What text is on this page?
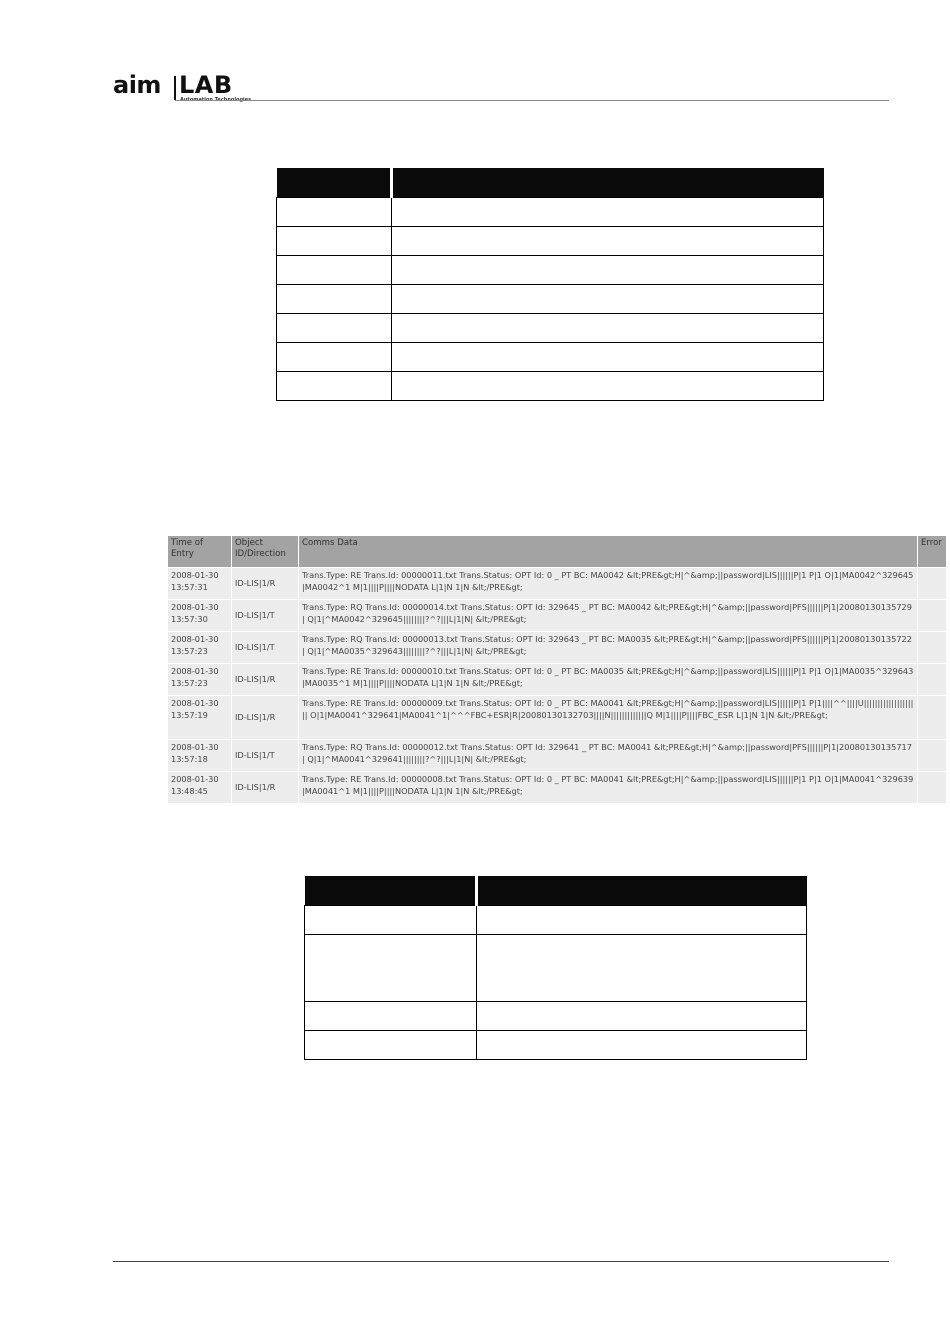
aim LAB

Time of Entry	Object ID/Direction	Comms Data	Error
2008-01-30 13:57:31	ID-LIS|1/R	Trans.Type: RE Trans.Id: 00000011.txt Trans.Status: OPT Id: 0 _ PT BC: MA0042 &lt;PRE&gt;H|^&amp;||password|LIS||||||P|1 P|1 O|1|MA0042^329645|MA0042^1 M|1||||P||||NODATA L|1|N 1|N &lt;/PRE&gt;	
2008-01-30 13:57:30	ID-LIS|1/T	Trans.Type: RQ Trans.Id: 00000014.txt Trans.Status: OPT Id: 329645 _ PT BC: MA0042 &lt;PRE&gt;H|^&amp;||password|PFS||||||P|1|20080130135729| Q|1|^MA0042^329645||||||||?^?|||L|1|N| &lt;/PRE&gt;	
2008-01-30 13:57:23	ID-LIS|1/T	Trans.Type: RQ Trans.Id: 00000013.txt Trans.Status: OPT Id: 329643 _ PT BC: MA0035 &lt;PRE&gt;H|^&amp;||password|PFS||||||P|1|20080130135722| Q|1|^MA0035^329643||||||||?^?|||L|1|N| &lt;/PRE&gt;	
2008-01-30 13:57:23	ID-LIS|1/R	Trans.Type: RE Trans.Id: 00000010.txt Trans.Status: OPT Id: 0 _ PT BC: MA0035 &lt;PRE&gt;H|^&amp;||password|LIS||||||P|1 P|1 O|1|MA0035^329643|MA0035^1 M|1||||P||||NODATA L|1|N 1|N &lt;/PRE&gt;	
2008-01-30 13:57:19	ID-LIS|1/R	Trans.Type: RE Trans.Id: 00000009.txt Trans.Status: OPT Id: 0 _ PT BC: MA0041 &lt;PRE&gt;H|^&amp;||password|LIS||||||P|1 P|1||||^^||||U|||||||||||||||||||| O|1|MA0041^329641|MA0041^1|^^^FBC+ESR|R|20080130132703||||N|||||||||||||Q M|1||||P||||FBC_ESR L|1|N 1|N &lt;/PRE&gt;	
2008-01-30 13:57:18	ID-LIS|1/T	Trans.Type: RQ Trans.Id: 00000012.txt Trans.Status: OPT Id: 329641 _ PT BC: MA0041 &lt;PRE&gt;H|^&amp;||password|PFS||||||P|1|20080130135717| Q|1|^MA0041^329641||||||||?^?|||L|1|N| &lt;/PRE&gt;	
2008-01-30 13:48:45	ID-LIS|1/R	Trans.Type: RE Trans.Id: 00000008.txt Trans.Status: OPT Id: 0 _ PT BC: MA0041 &lt;PRE&gt;H|^&amp;||password|LIS||||||P|1 P|1 O|1|MA0041^329639|MA0041^1 M|1||||P||||NODATA L|1|N 1|N &lt;/PRE&gt;	
